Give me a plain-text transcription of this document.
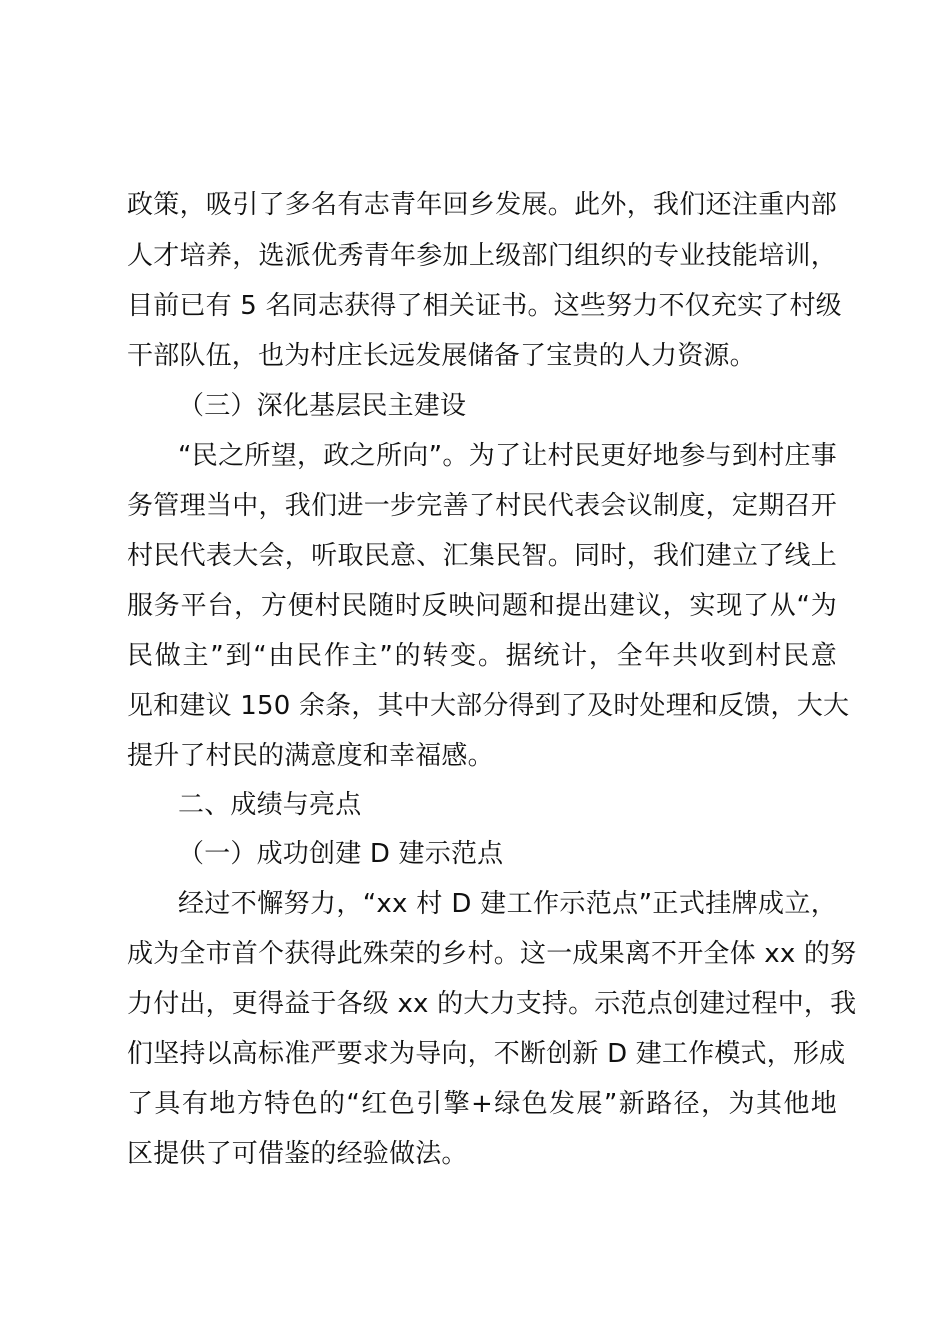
政策，吸引了多名有志青年回乡发展。此外，我们还注重内部
人才培养，选派优秀青年参加上级部门组织的专业技能培训，
目前已有 5 名同志获得了相关证书。这些努力不仅充实了村级
干部队伍，也为村庄长远发展储备了宝贵的人力资源。
（三）深化基层民主建设
“民之所望，政之所向”。为了让村民更好地参与到村庄事
务管理当中，我们进一步完善了村民代表会议制度，定期召开
村民代表大会，听取民意、汇集民智。同时，我们建立了线上
服务平台，方便村民随时反映问题和提出建议，实现了从“为
民做主”到“由民作主”的转变。据统计，全年共收到村民意
见和建议 150 余条，其中大部分得到了及时处理和反馈，大大
提升了村民的满意度和幸福感。
二、成绩与亮点
（一）成功创建 D 建示范点
经过不懈努力，“xx 村 D 建工作示范点”正式挂牌成立，
成为全市首个获得此殊荣的乡村。这一成果离不开全体 xx 的努
力付出，更得益于各级 xx 的大力支持。示范点创建过程中，我
们坚持以高标准严要求为导向，不断创新 D 建工作模式，形成
了具有地方特色的“红色引擎+绿色发展”新路径，为其他地
区提供了可借鉴的经验做法。
